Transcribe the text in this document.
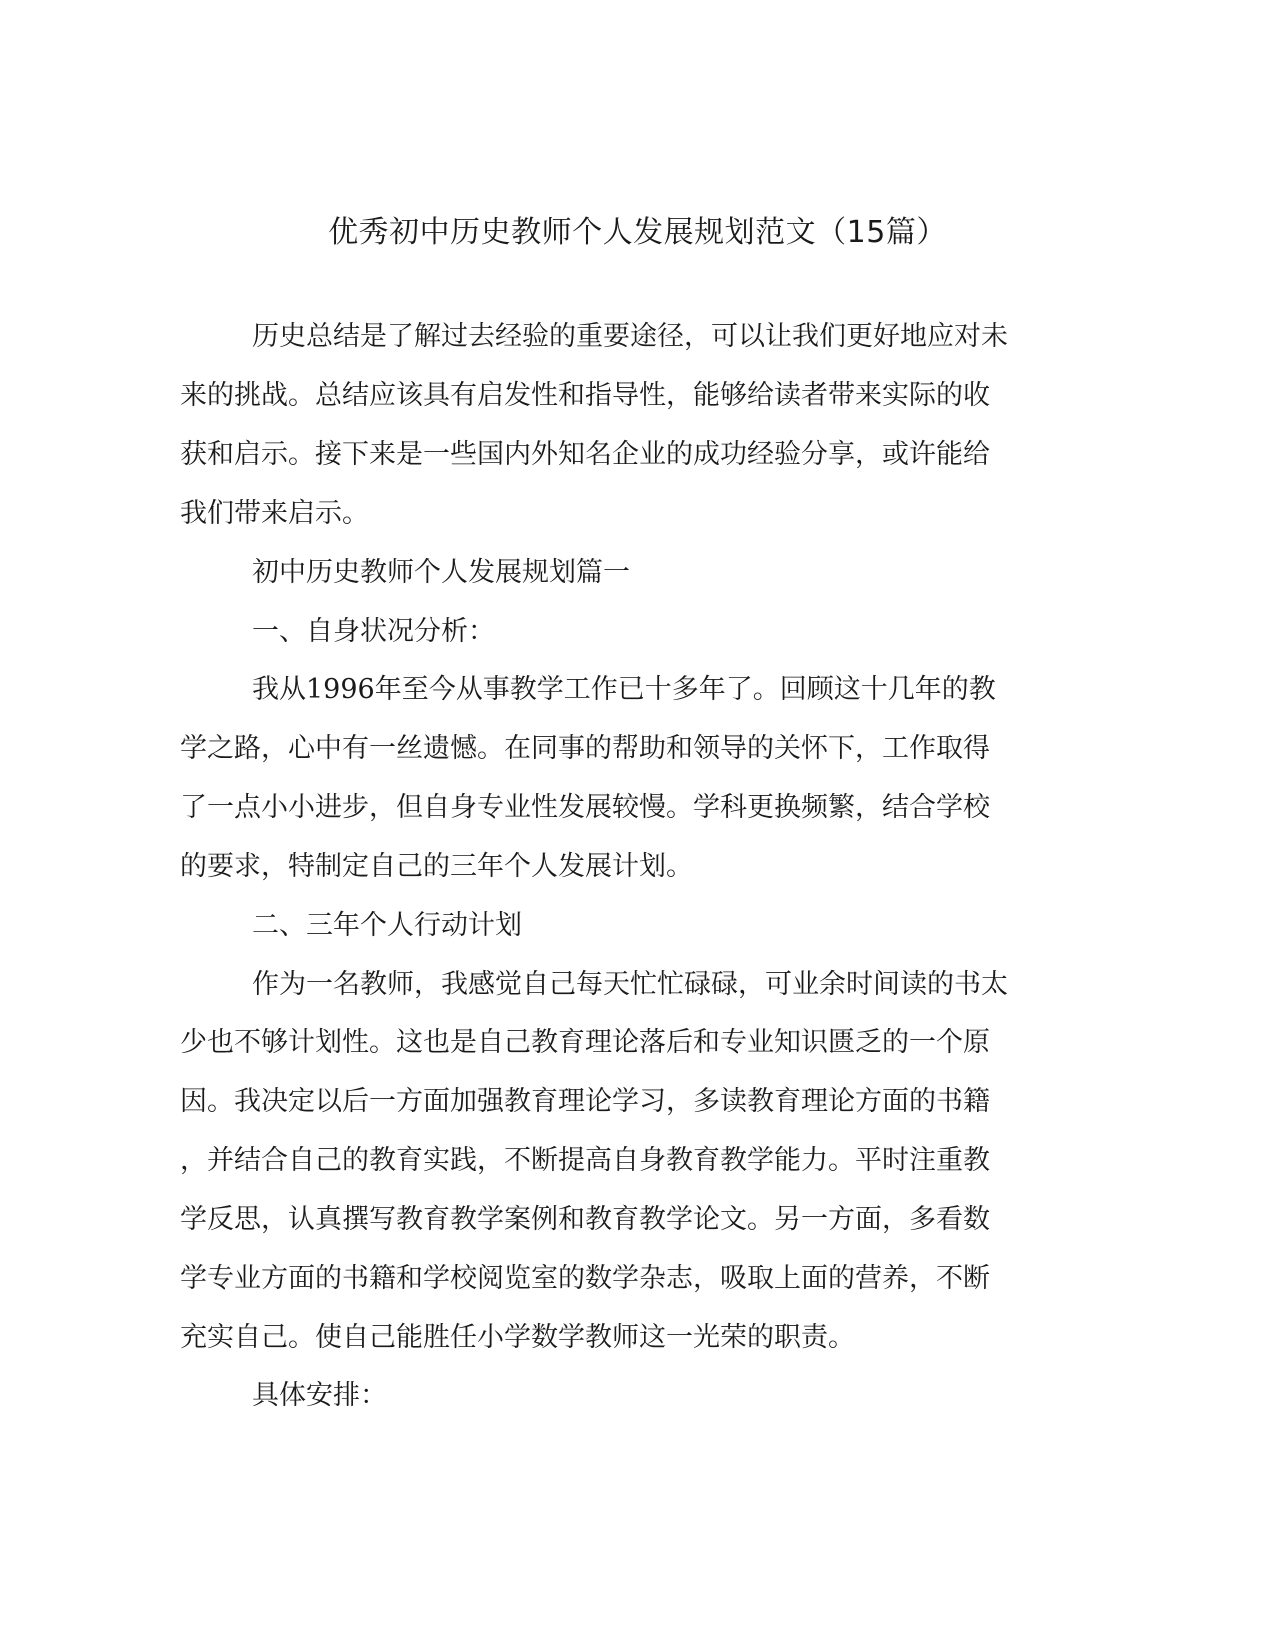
优秀初中历史教师个人发展规划范文（15篇）
历史总结是了解过去经验的重要途径，可以让我们更好地应对未
来的挑战。总结应该具有启发性和指导性，能够给读者带来实际的收
获和启示。接下来是一些国内外知名企业的成功经验分享，或许能给
我们带来启示。
初中历史教师个人发展规划篇一
一、自身状况分析：
我从1996年至今从事教学工作已十多年了。回顾这十几年的教
学之路，心中有一丝遗憾。在同事的帮助和领导的关怀下，工作取得
了一点小小进步，但自身专业性发展较慢。学科更换频繁，结合学校
的要求，特制定自己的三年个人发展计划。
二、三年个人行动计划
作为一名教师，我感觉自己每天忙忙碌碌，可业余时间读的书太
少也不够计划性。这也是自己教育理论落后和专业知识匮乏的一个原
因。我决定以后一方面加强教育理论学习，多读教育理论方面的书籍
，并结合自己的教育实践，不断提高自身教育教学能力。平时注重教
学反思，认真撰写教育教学案例和教育教学论文。另一方面，多看数
学专业方面的书籍和学校阅览室的数学杂志，吸取上面的营养，不断
充实自己。使自己能胜任小学数学教师这一光荣的职责。
具体安排：
